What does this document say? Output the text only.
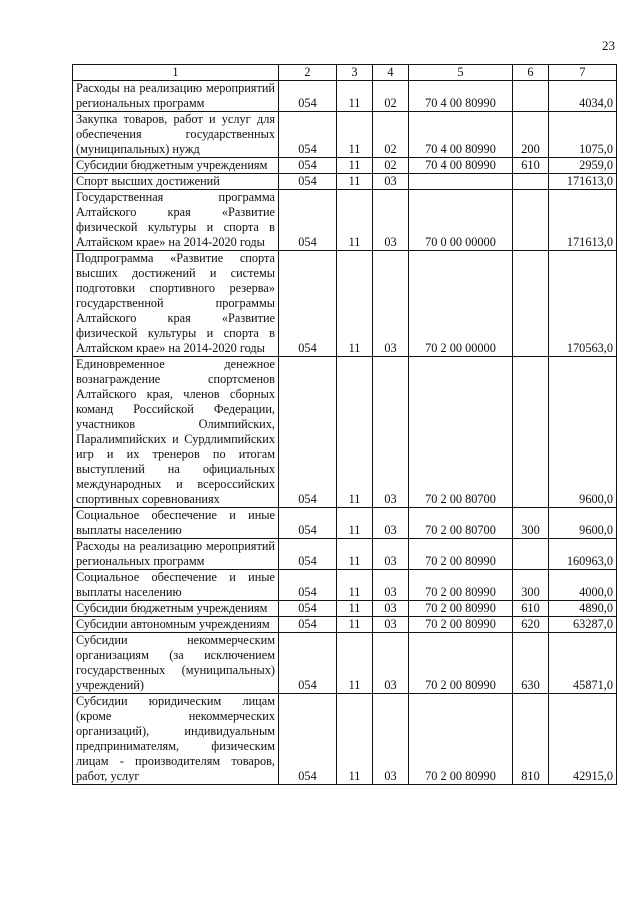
23
1	2	3	4	5	6	7
Расходы на реализацию мероприятий региональных программ	054	11	02	70 4 00 80990		4034,0
Закупка товаров, работ и услуг для обеспечения государственных (муниципальных) нужд	054	11	02	70 4 00 80990	200	1075,0
Субсидии бюджетным учреждениям	054	11	02	70 4 00 80990	610	2959,0
Спорт высших достижений	054	11	03			171613,0
Государственная программа Алтайского края «Развитие физической культуры и спорта в Алтайском крае» на 2014-2020 годы	054	11	03	70 0 00 00000		171613,0
Подпрограмма «Развитие спорта высших достижений и системы подготовки спортивного резерва» государственной программы Алтайского края «Развитие физической культуры и спорта в Алтайском крае» на 2014-2020 годы	054	11	03	70 2 00 00000		170563,0
Единовременное денежное вознаграждение спортсменов Алтайского края, членов сборных команд Российской Федерации, участников Олимпийских, Паралимпийских и Сурдлимпийских игр и их тренеров по итогам выступлений на официальных международных и всероссийских спортивных соревнованиях	054	11	03	70 2 00 80700		9600,0
Социальное обеспечение и иные выплаты населению	054	11	03	70 2 00 80700	300	9600,0
Расходы на реализацию мероприятий региональных программ	054	11	03	70 2 00 80990		160963,0
Социальное обеспечение и иные выплаты населению	054	11	03	70 2 00 80990	300	4000,0
Субсидии бюджетным учреждениям	054	11	03	70 2 00 80990	610	4890,0
Субсидии автономным учреждениям	054	11	03	70 2 00 80990	620	63287,0
Субсидии некоммерческим организациям (за исключением государственных (муниципальных) учреждений)	054	11	03	70 2 00 80990	630	45871,0
Субсидии юридическим лицам (кроме некоммерческих организаций), индивидуальным предпринимателям, физическим лицам - производителям товаров, работ, услуг	054	11	03	70 2 00 80990	810	42915,0
